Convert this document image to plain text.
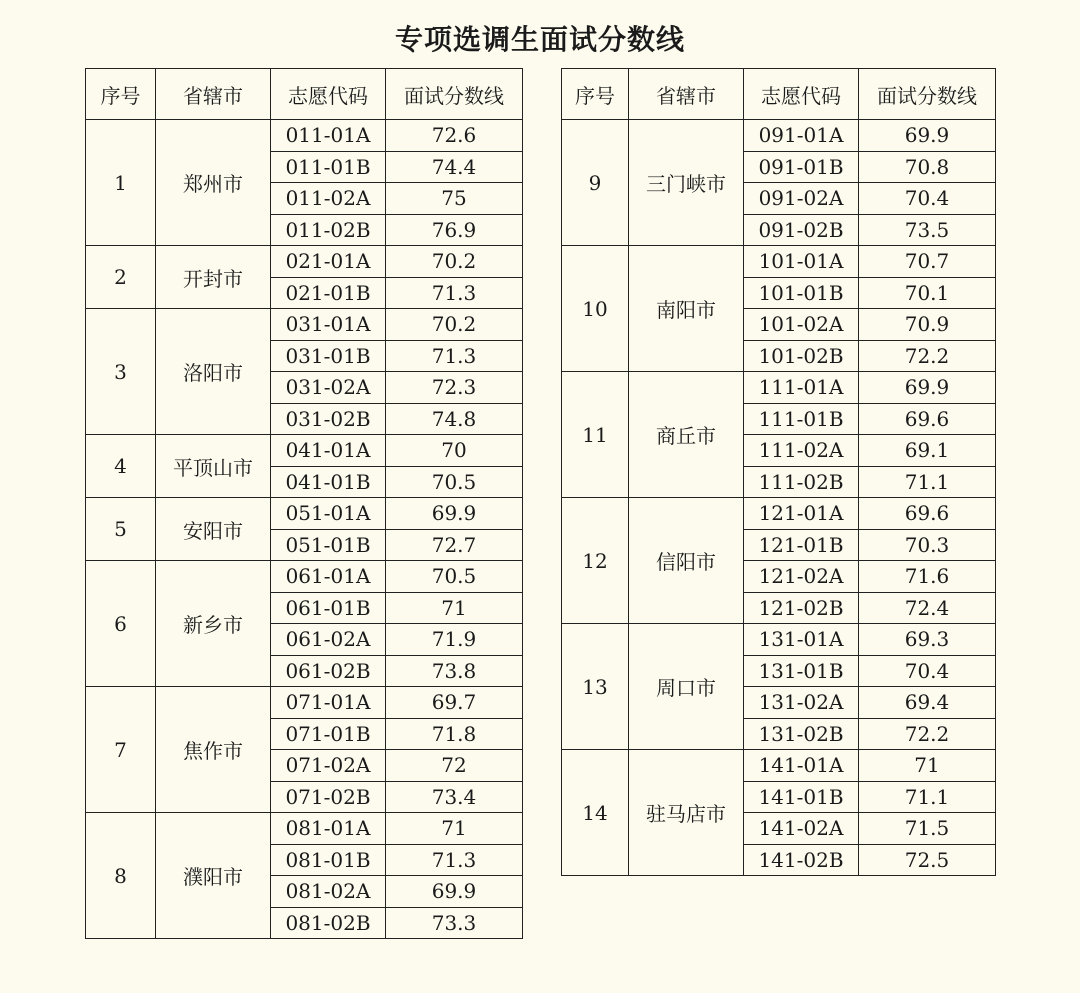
专项选调生面试分数线
序号	省辖市	志愿代码	面试分数线
1	郑州市	011-01A	72.6
		011-01B	74.4
		011-02A	75
		011-02B	76.9
2	开封市	021-01A	70.2
		021-01B	71.3
3	洛阳市	031-01A	70.2
		031-01B	71.3
		031-02A	72.3
		031-02B	74.8
4	平顶山市	041-01A	70
		041-01B	70.5
5	安阳市	051-01A	69.9
		051-01B	72.7
6	新乡市	061-01A	70.5
		061-01B	71
		061-02A	71.9
		061-02B	73.8
7	焦作市	071-01A	69.7
		071-01B	71.8
		071-02A	72
		071-02B	73.4
8	濮阳市	081-01A	71
		081-01B	71.3
		081-02A	69.9
		081-02B	73.3
序号	省辖市	志愿代码	面试分数线
9	三门峡市	091-01A	69.9
		091-01B	70.8
		091-02A	70.4
		091-02B	73.5
10	南阳市	101-01A	70.7
		101-01B	70.1
		101-02A	70.9
		101-02B	72.2
11	商丘市	111-01A	69.9
		111-01B	69.6
		111-02A	69.1
		111-02B	71.1
12	信阳市	121-01A	69.6
		121-01B	70.3
		121-02A	71.6
		121-02B	72.4
13	周口市	131-01A	69.3
		131-01B	70.4
		131-02A	69.4
		131-02B	72.2
14	驻马店市	141-01A	71
		141-01B	71.1
		141-02A	71.5
		141-02B	72.5
